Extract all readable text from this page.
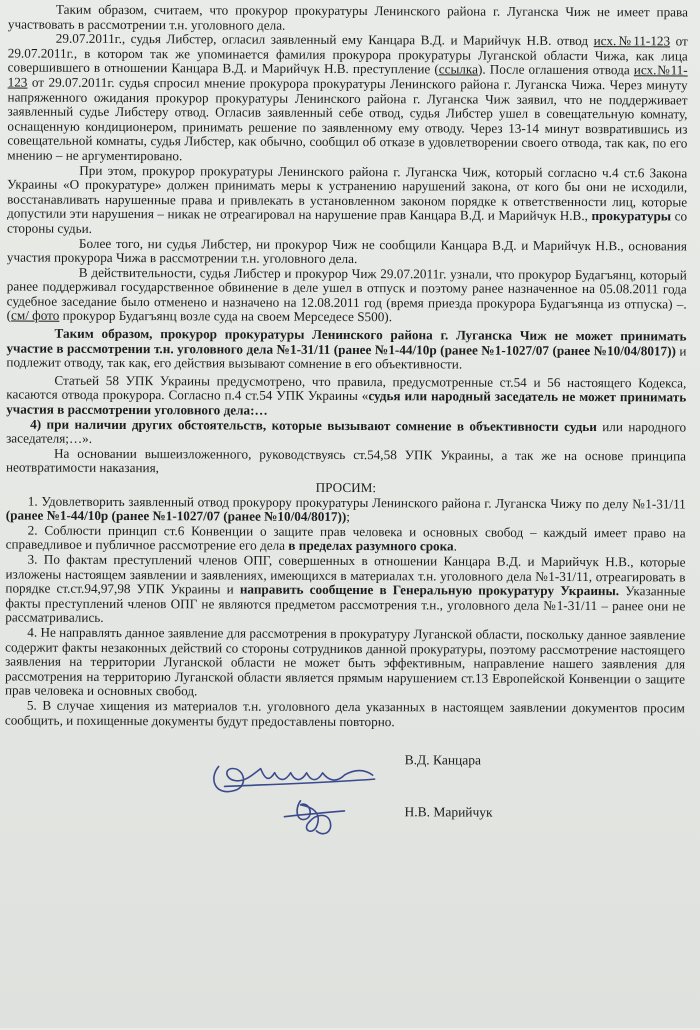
Таким образом, считаем, что прокурор прокуратуры Ленинского района г. Луганска Чиж не имеет права участвовать в рассмотрении т.н. уголовного дела.

29.07.2011г., судья Либстер, огласил заявленный ему Канцара В.Д. и Марийчук Н.В. отвод исх.№11-123 от 29.07.2011г., в котором так же упоминается фамилия прокурора прокуратуры Луганской области Чижа, как лица совершившего в отношении Канцара В.Д. и Марийчук Н.В. преступление (ссылка). После оглашения отвода исх.№11-123 от 29.07.2011г. судья спросил мнение прокурора прокуратуры Ленинского района г. Луганска Чижа. Через минуту напряженного ожидания прокурор прокуратуры Ленинского района г. Луганска Чиж заявил, что не поддерживает заявленный судье Либстеру отвод. Огласив заявленный себе отвод, судья Либстер ушел в совещательную комнату, оснащенную кондиционером, принимать решение по заявленному ему отводу. Через 13-14 минут возвратившись из совещательной комнаты, судья Либстер, как обычно, сообщил об отказе в удовлетворении своего отвода, так как, по его мнению – не аргументировано.

При этом, прокурор прокуратуры Ленинского района г. Луганска Чиж, который согласно ч.4 ст.6 Закона Украины «О прокуратуре» должен принимать меры к устранению нарушений закона, от кого бы они не исходили, восстанавливать нарушенные права и привлекать в установленном законом порядке к ответственности лиц, которые допустили эти нарушения – никак не отреагировал на нарушение прав Канцара В.Д. и Марийчук Н.В., прокуратуры со стороны судьи.

Более того, ни судья Либстер, ни прокурор Чиж не сообщили Канцара В.Д. и Марийчук Н.В., основания участия прокурора Чижа в рассмотрении т.н. уголовного дела.

В действительности, судья Либстер и прокурор Чиж 29.07.2011г. узнали, что прокурор Будагъянц, который ранее поддерживал государственное обвинение в деле ушел в отпуск и поэтому ранее назначенное на 05.08.2011 года судебное заседание было отменено и назначено на 12.08.2011 год (время приезда прокурора Будагъянца из отпуска) –. (см/ фото прокурор Будагъянц возле суда на своем Мерседесе S500).

Таким образом, прокурор прокуратуры Ленинского района г. Луганска Чиж не может принимать участие в рассмотрении т.н. уголовного дела №1-31/11 (ранее №1-44/10р (ранее №1-1027/07 (ранее №10/04/8017)) и подлежит отводу, так как, его действия вызывают сомнение в его объективности.

Статьей 58 УПК Украины предусмотрено, что правила, предусмотренные ст.54 и 56 настоящего Кодекса, касаются отвода прокурора. Согласно п.4 ст.54 УПК Украины «судья или народный заседатель не может принимать участия в рассмотрении уголовного дела:…

4) при наличии других обстоятельств, которые вызывают сомнение в объективности судьи или народного заседателя;…».

На основании вышеизложенного, руководствуясь ст.54,58 УПК Украины, а так же на основе принципа неотвратимости наказания,

ПРОСИМ:

1. Удовлетворить заявленный отвод прокурору прокуратуры Ленинского района г. Луганска Чижу по делу №1-31/11 (ранее №1-44/10р (ранее №1-1027/07 (ранее №10/04/8017));

2. Соблюсти принцип ст.6 Конвенции о защите прав человека и основных свобод – каждый имеет право на справедливое и публичное рассмотрение его дела в пределах разумного срока.

3. По фактам преступлений членов ОПГ, совершенных в отношении Канцара В.Д. и Марийчук Н.В., которые изложены настоящем заявлении и заявлениях, имеющихся в материалах т.н. уголовного дела №1-31/11, отреагировать в порядке ст.ст.94,97,98 УПК Украины и направить сообщение в Генеральную прокуратуру Украины. Указанные факты преступлений членов ОПГ не являются предметом рассмотрения т.н., уголовного дела №1-31/11 – ранее они не рассматривались.

4. Не направлять данное заявление для рассмотрения в прокуратуру Луганской области, поскольку данное заявление содержит факты незаконных действий со стороны сотрудников данной прокуратуры, поэтому рассмотрение настоящего заявления на территории Луганской области не может быть эффективным, направление нашего заявления для рассмотрения на территорию Луганской области является прямым нарушением ст.13 Европейской Конвенции о защите прав человека и основных свобод.

5. В случае хищения из материалов т.н. уголовного дела указанных в настоящем заявлении документов просим сообщить, и похищенные документы будут предоставлены повторно.

В.Д. Канцара
Н.В. Марийчук
